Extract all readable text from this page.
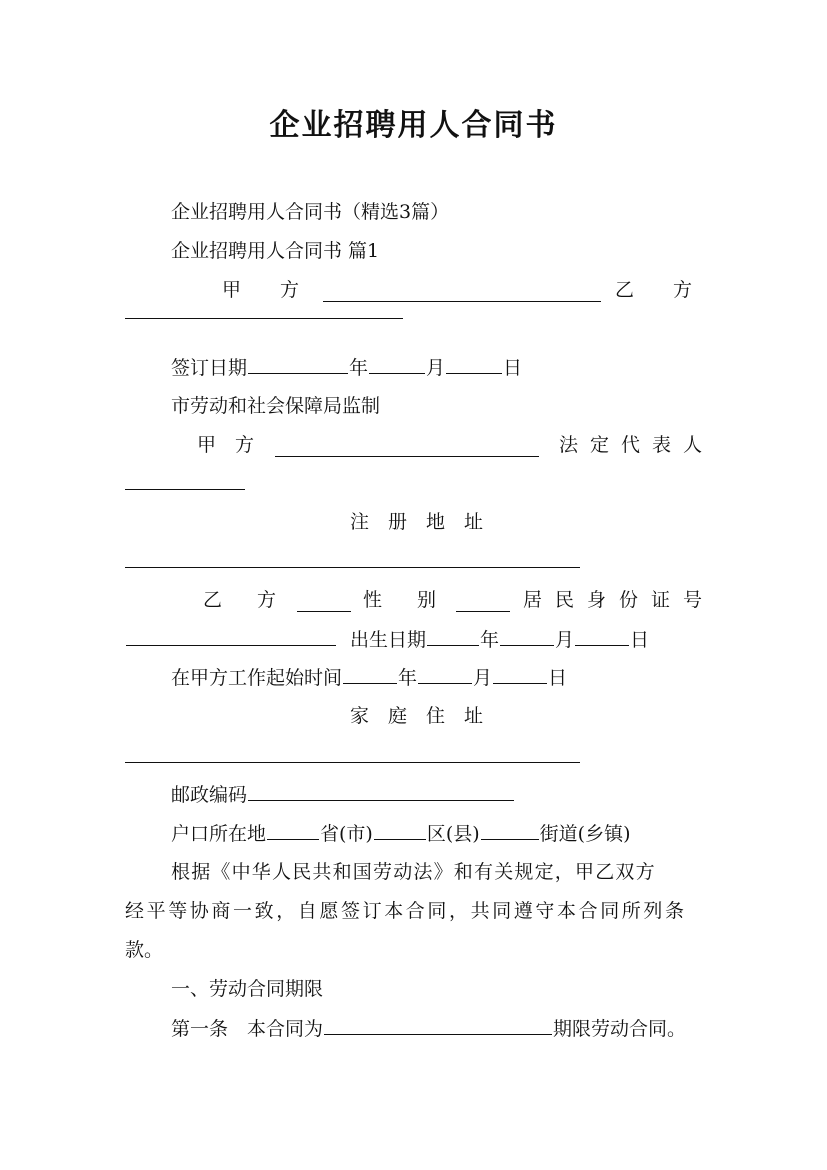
企业招聘用人合同书
企业招聘用人合同书（精选3篇）
企业招聘用人合同书 篇1
甲　方	乙　方
签订日期	年	月	日
市劳动和社会保障局监制
甲　方	法定代表人
注　册　地　址
乙　方	性　别	居民身份证号
出生日期	年	月	日
在甲方工作起始时间	年	月	日
家　庭　住　址
邮政编码
户口所在地	省(市)	区(县)	街道(乡镇)
根据《中华人民共和国劳动法》和有关规定，甲乙双方
经平等协商一致，自愿签订本合同，共同遵守本合同所列条
款。
一、劳动合同期限
第一条　本合同为	期限劳动合同。
